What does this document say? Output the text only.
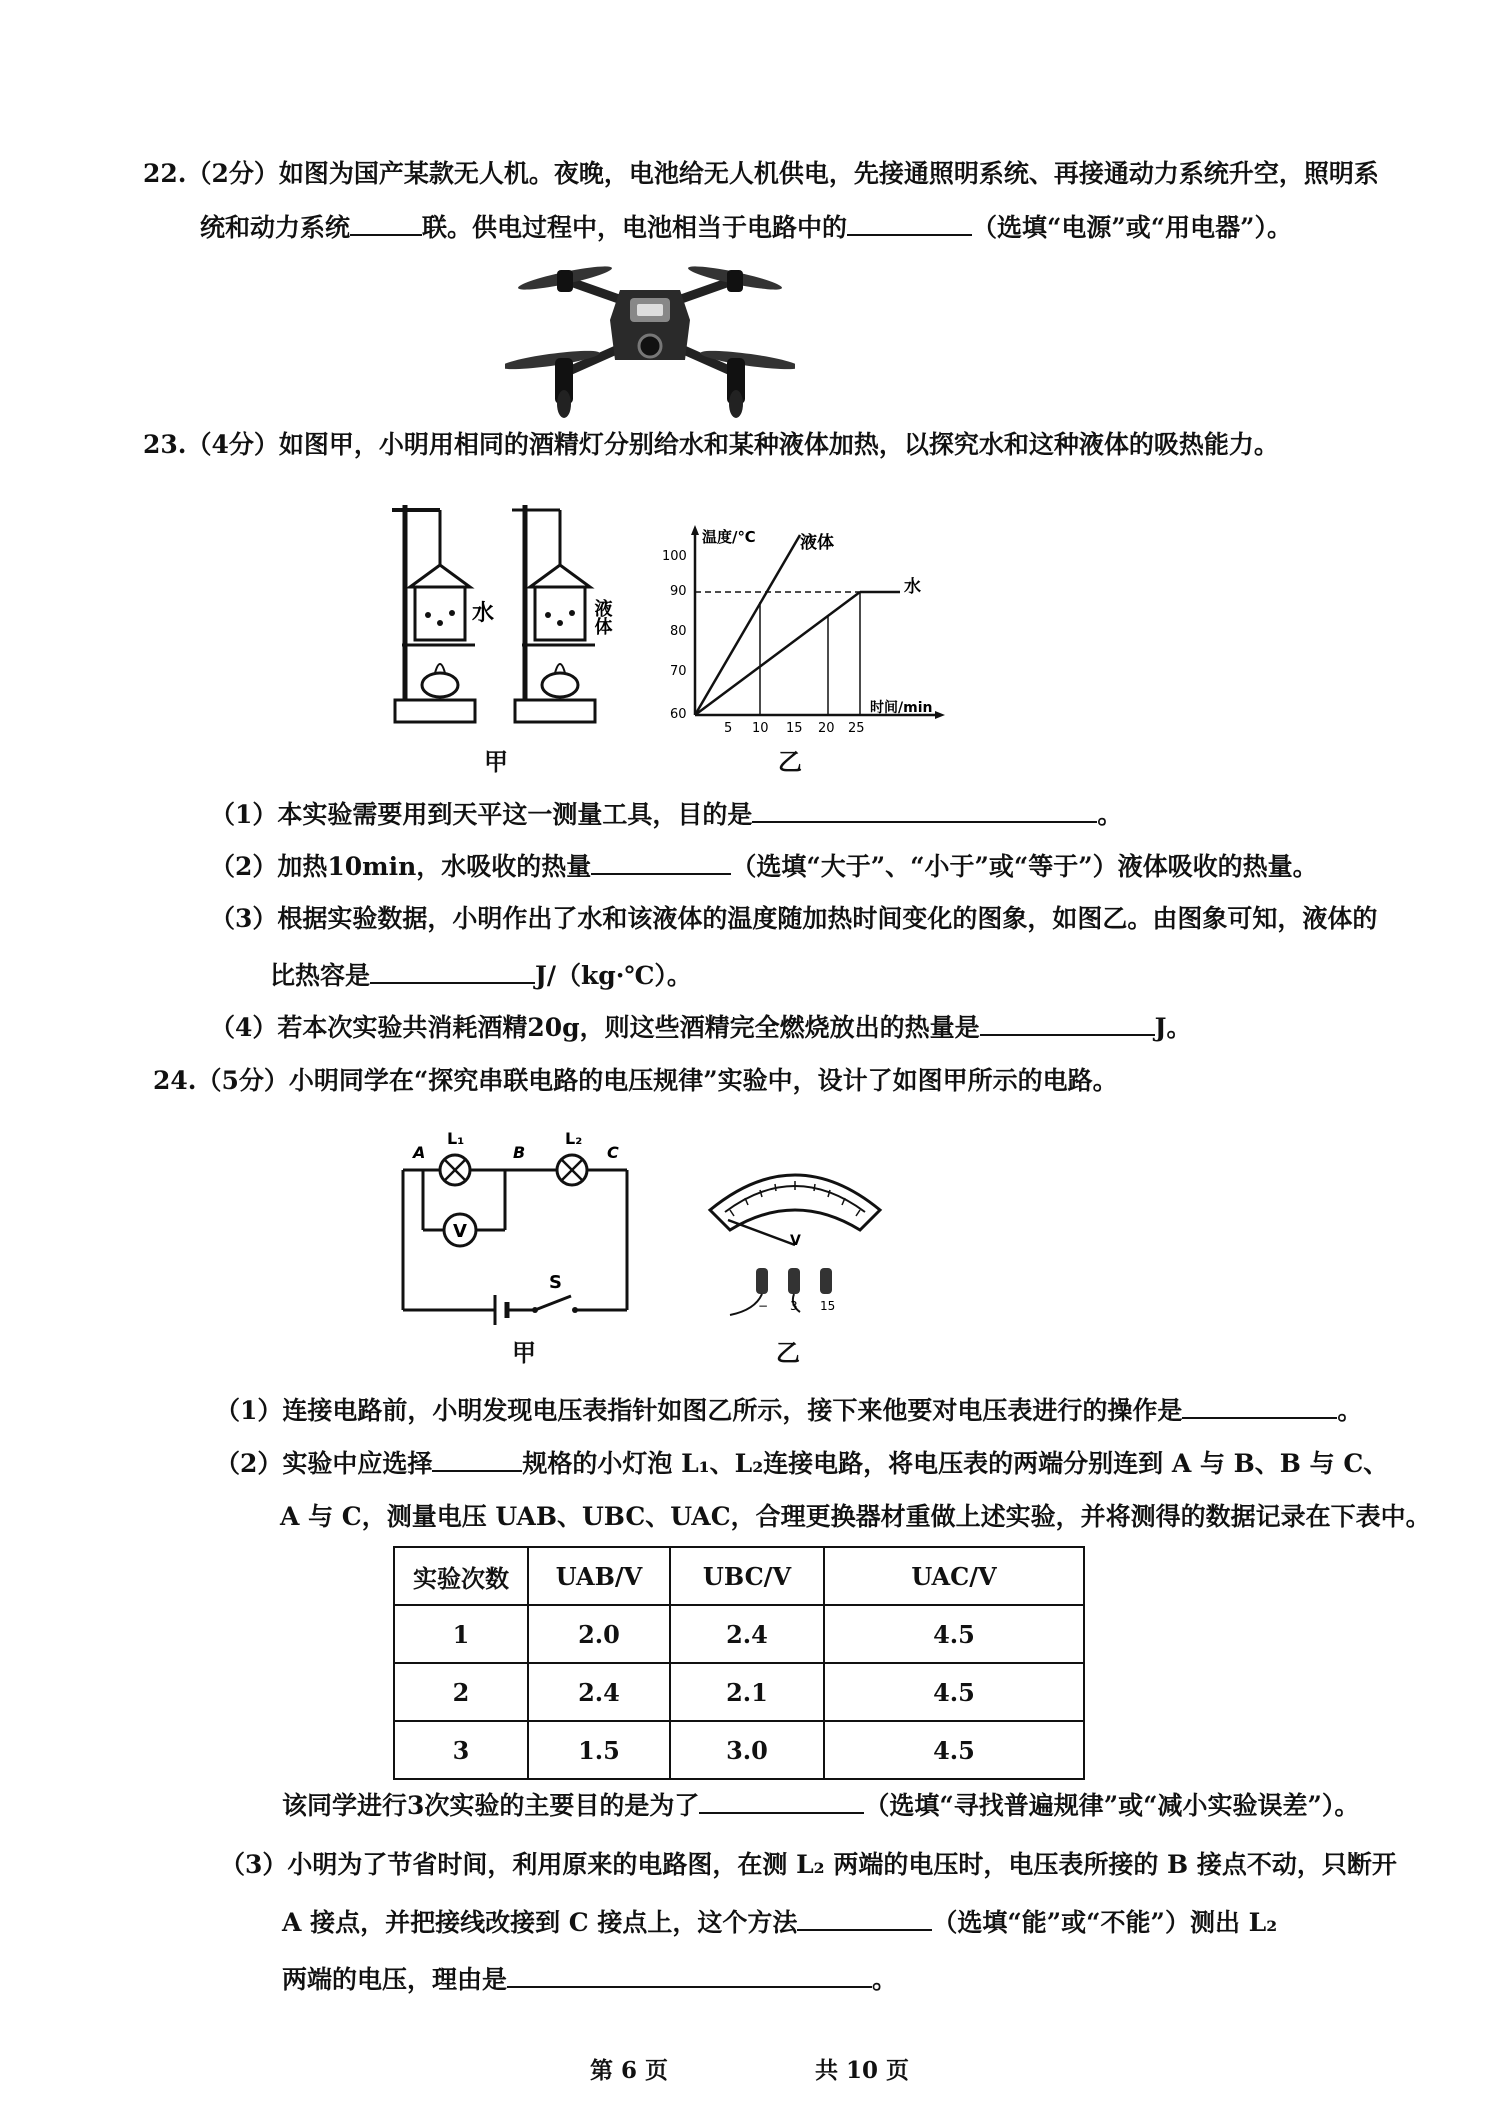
22.（2分）如图为国产某款无人机。夜晚，电池给无人机供电，先接通照明系统、再接通动力系统升空，照明系
统和动力系统	联。供电过程中，电池相当于电路中的	（选填“电源”或“用电器”）。
23.（4分）如图甲，小明用相同的酒精灯分别给水和某种液体加热，以探究水和这种液体的吸热能力。
水	液体
甲
温度/℃
时间/min
100
90
80
70
60
5 10 15 20 25
液体
水
乙
（1）本实验需要用到天平这一测量工具，目的是	。
（2）加热10min，水吸收的热量	（选填“大于”、“小于”或“等于”）液体吸收的热量。
（3）根据实验数据，小明作出了水和该液体的温度随加热时间变化的图象，如图乙。由图象可知，液体的
比热容是	J/（kg·℃）。
（4）若本次实验共消耗酒精20g，则这些酒精完全燃烧放出的热量是	J。
24.（5分）小明同学在“探究串联电路的电压规律”实验中，设计了如图甲所示的电路。
S
V
A	B	C
L₁	L₂
甲
V
− 3 15
乙
（1）连接电路前，小明发现电压表指针如图乙所示，接下来他要对电压表进行的操作是	。
（2）实验中应选择	规格的小灯泡 L₁、L₂连接电路，将电压表的两端分别连到 A 与 B、B 与 C、
A 与 C，测量电压 UAB、UBC、UAC，合理更换器材重做上述实验，并将测得的数据记录在下表中。
实验次数	UAB/V	UBC/V	UAC/V
1	2.0	2.4	4.5
2	2.4	2.1	4.5
3	1.5	3.0	4.5
该同学进行3次实验的主要目的是为了	（选填“寻找普遍规律”或“减小实验误差”）。
（3）小明为了节省时间，利用原来的电路图，在测 L₂ 两端的电压时，电压表所接的 B 接点不动，只断开
A 接点，并把接线改接到 C 接点上，这个方法	（选填“能”或“不能”）测出 L₂
两端的电压，理由是	。
第 6 页	共 10 页
